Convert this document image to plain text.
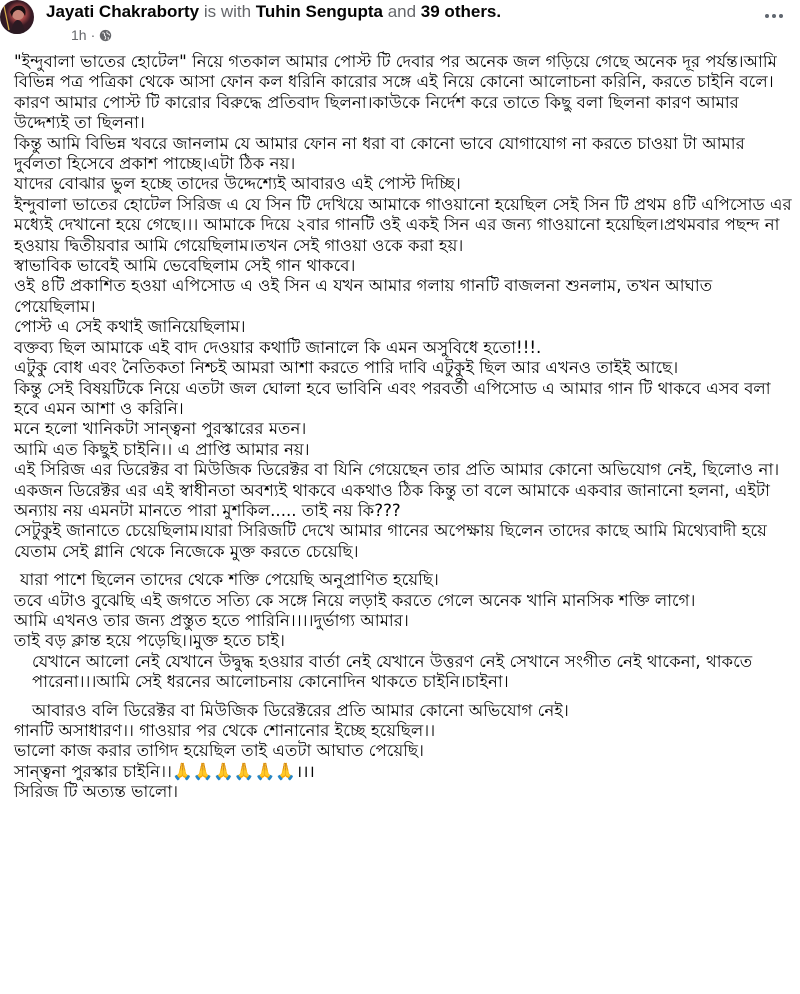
Jayati Chakraborty is with Tuhin Sengupta and 39 others.
1h ·

"ইন্দুবালা ভাতের হোটেল" নিয়ে গতকাল আমার পোস্ট টি দেবার পর অনেক জল গড়িয়ে গেছে অনেক দূর পর্যন্ত।আমি বিভিন্ন পত্র পত্রিকা থেকে আসা ফোন কল ধরিনি কারোর সঙ্গে এই নিয়ে কোনো আলোচনা করিনি, করতে চাইনি বলে।

কারণ আমার পোস্ট টি কারোর বিরুদ্ধে প্রতিবাদ ছিলনা।কাউকে নির্দেশ করে তাতে কিছু বলা ছিলনা কারণ আমার উদ্দেশ্যই তা ছিলনা।

কিন্তু আমি বিভিন্ন খবরে জানলাম যে আমার ফোন না ধরা বা কোনো ভাবে যোগাযোগ না করতে চাওয়া টা আমার দুর্বলতা হিসেবে প্রকাশ পাচ্ছে।এটা ঠিক নয়।

যাদের বোঝার ভুল হচ্ছে তাদের উদ্দেশ্যেই আবারও এই পোস্ট দিচ্ছি।

ইন্দুবালা ভাতের হোটেল সিরিজ এ যে সিন টি দেখিয়ে আমাকে গাওয়ানো হয়েছিল সেই সিন টি প্রথম ৪টি এপিসোড এর মধ্যেই দেখানো হয়ে গেছে।।। আমাকে দিয়ে ২বার গানটি ওই একই সিন এর জন্য গাওয়ানো হয়েছিল।প্রথমবার পছন্দ না হওয়ায় দ্বিতীয়বার আমি গেয়েছিলাম।তখন সেই গাওয়া ওকে করা হয়।

স্বাভাবিক ভাবেই আমি ভেবেছিলাম সেই গান থাকবে।

ওই ৪টি প্রকাশিত হওয়া এপিসোড এ ওই সিন এ যখন আমার গলায় গানটি বাজলনা শুনলাম, তখন আঘাত পেয়েছিলাম।

পোস্ট এ সেই কথাই জানিয়েছিলাম।

বক্তব্য ছিল আমাকে এই বাদ দেওয়ার কথাটি জানালে কি এমন অসুবিধে হতো!!!.

এটুকু বোধ এবং নৈতিকতা নিশ্চই আমরা আশা করতে পারি দাবি এটুকুই ছিল আর এখনও তাইই আছে।

কিন্তু সেই বিষয়টিকে নিয়ে এতটা জল ঘোলা হবে ভাবিনি এবং পরবর্তী এপিসোড এ আমার গান টি থাকবে এসব বলা হবে এমন আশা ও করিনি।

মনে হলো খানিকটা সান্ত্বনা পুরস্কারের মতন।

আমি এত কিছুই চাইনি।। এ প্রাপ্তি আমার নয়।

এই সিরিজ এর ডিরেক্টর বা মিউজিক ডিরেক্টর বা যিনি গেয়েছেন তার প্রতি আমার কোনো অভিযোগ নেই, ছিলোও না।

একজন ডিরেক্টর এর এই স্বাধীনতা অবশ্যই থাকবে একথাও ঠিক কিন্তু তা বলে আমাকে একবার জানানো হলনা, এইটা অন্যায় নয় এমনটা মানতে পারা মুশকিল..... তাই নয় কি???

সেটুকুই জানাতে চেয়েছিলাম।যারা সিরিজটি দেখে আমার গানের অপেক্ষায় ছিলেন তাদের কাছে আমি মিথ্যেবাদী হয়ে যেতাম সেই গ্লানি থেকে নিজেকে মুক্ত করতে চেয়েছি।

যারা পাশে ছিলেন তাদের থেকে শক্তি পেয়েছি অনুপ্রাণিত হয়েছি।

তবে এটাও বুঝেছি এই জগতে সত্যি কে সঙ্গে নিয়ে লড়াই করতে গেলে অনেক খানি মানসিক শক্তি লাগে।

আমি এখনও তার জন্য প্রস্তুত হতে পারিনি।।।।দুর্ভাগ্য আমার।

তাই বড় ক্লান্ত হয়ে পড়েছি।।মুক্ত হতে চাই।

যেখানে আলো নেই যেখানে উদ্বুদ্ধ হওয়ার বার্তা নেই যেখানে উত্তরণ নেই সেখানে সংগীত নেই থাকেনা, থাকতে পারেনা।।।আমি সেই ধরনের আলোচনায় কোনোদিন থাকতে চাইনি।চাইনা।

আবারও বলি ডিরেক্টর বা মিউজিক ডিরেক্টরের প্রতি আমার কোনো অভিযোগ নেই।

গানটি অসাধারণ।। গাওয়ার পর থেকে শোনানোর ইচ্ছে হয়েছিল।।

ভালো কাজ করার তাগিদ হয়েছিল তাই এতটা আঘাত পেয়েছি।

সান্ত্বনা পুরস্কার চাইনি।।🙏🙏🙏🙏🙏🙏।।।

সিরিজ টি অত্যন্ত ভালো।
